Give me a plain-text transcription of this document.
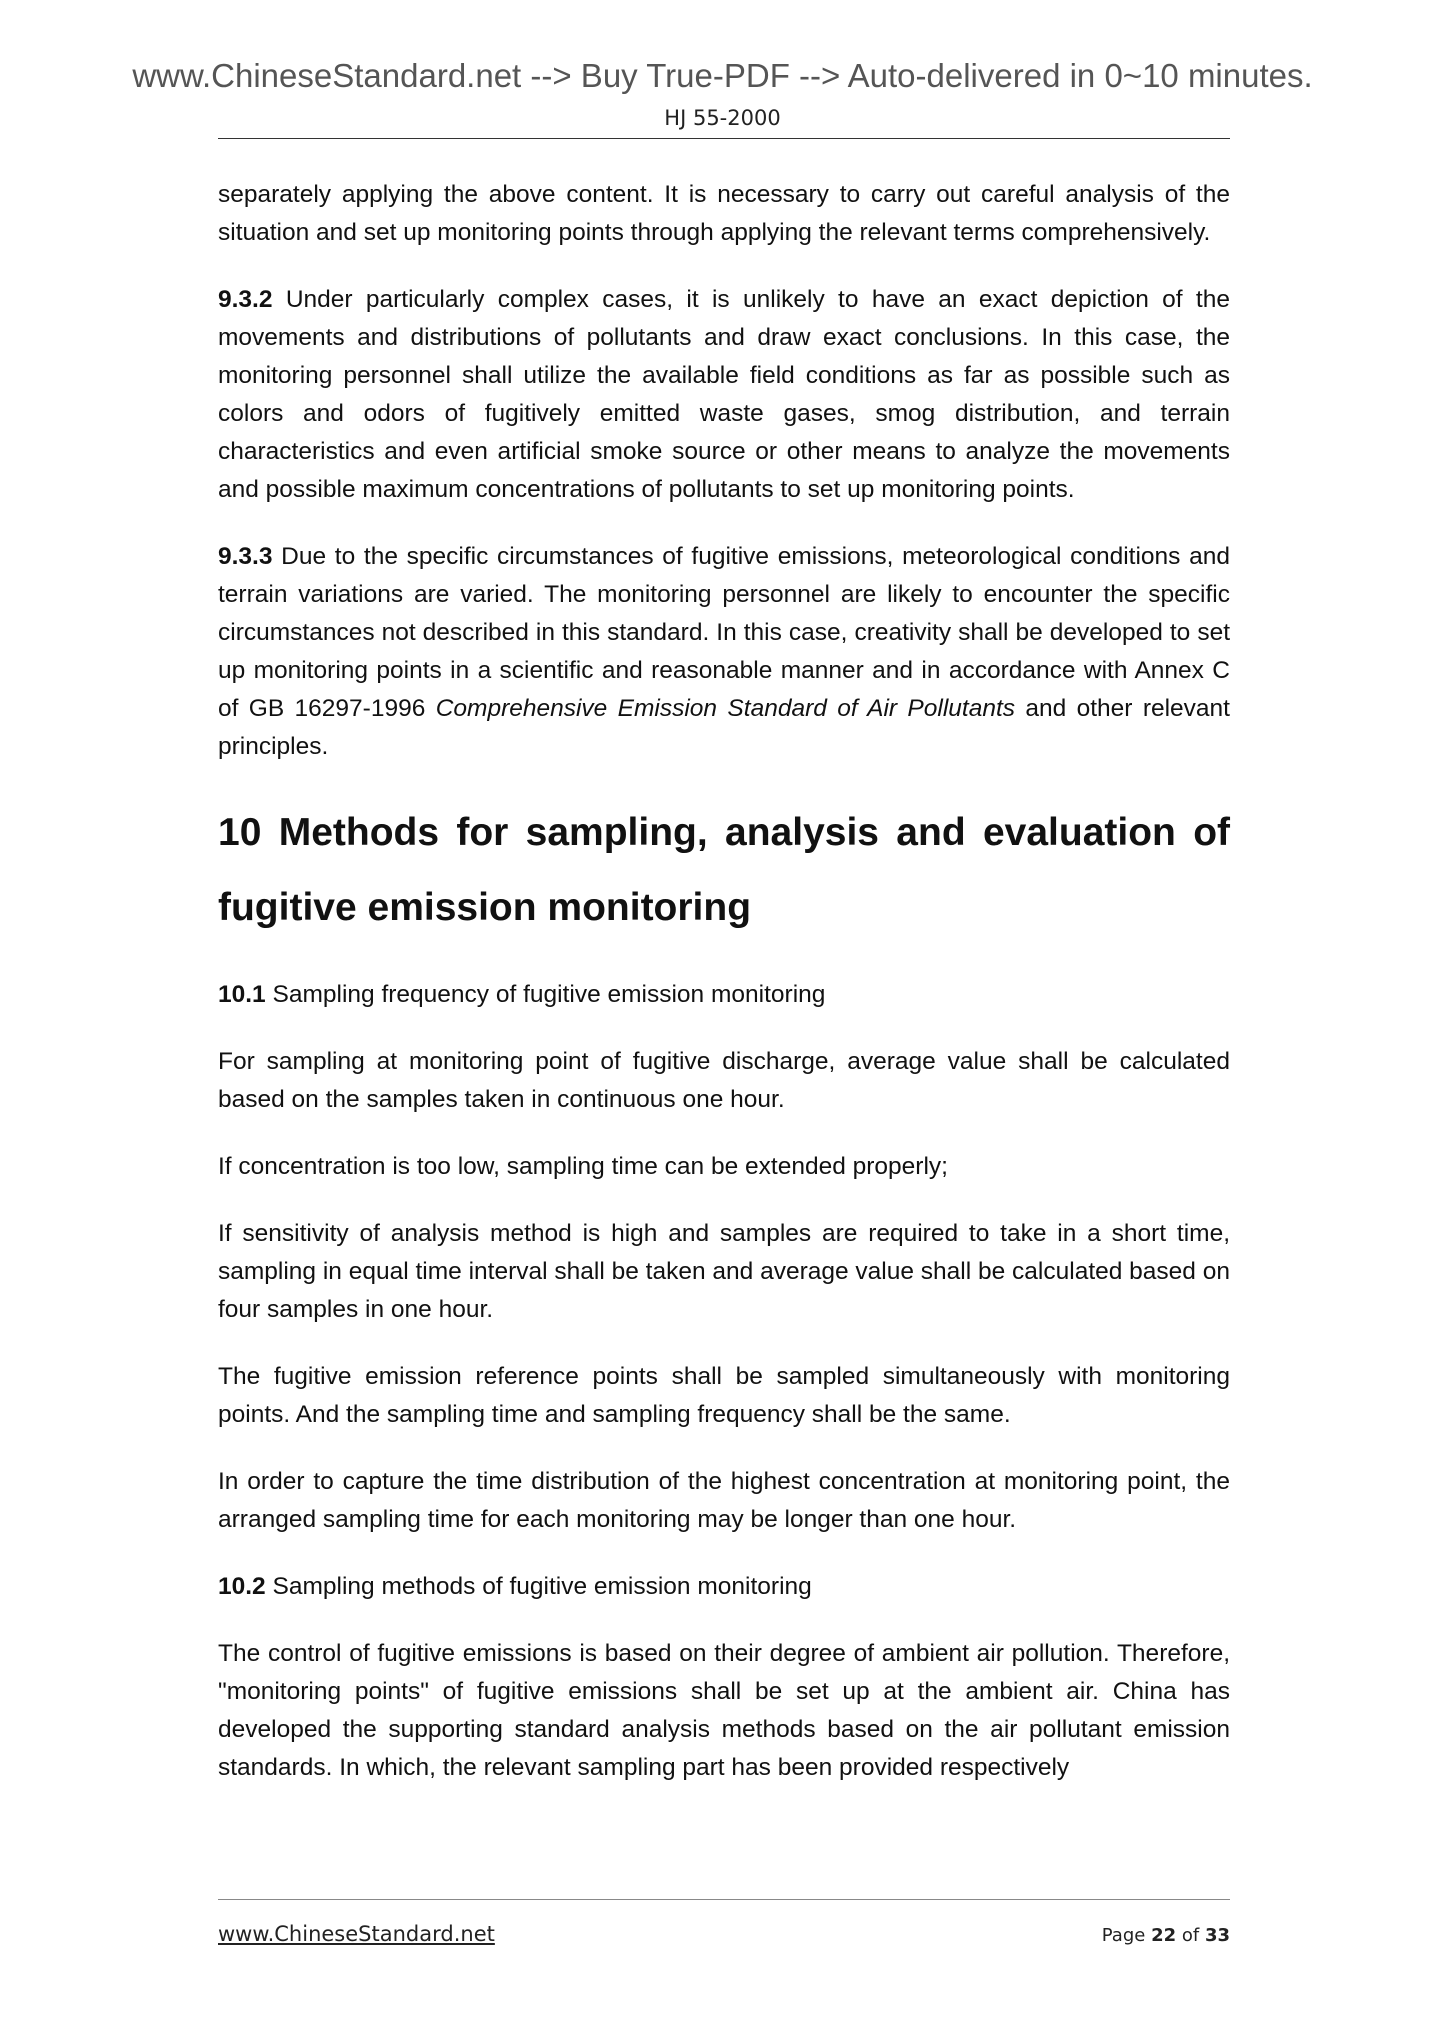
www.ChineseStandard.net --> Buy True-PDF --> Auto-delivered in 0~10 minutes.
HJ 55-2000

separately applying the above content. It is necessary to carry out careful analysis of the situation and set up monitoring points through applying the relevant terms comprehensively.

9.3.2 Under particularly complex cases, it is unlikely to have an exact depiction of the movements and distributions of pollutants and draw exact conclusions. In this case, the monitoring personnel shall utilize the available field conditions as far as possible such as colors and odors of fugitively emitted waste gases, smog distribution, and terrain characteristics and even artificial smoke source or other means to analyze the movements and possible maximum concentrations of pollutants to set up monitoring points.

9.3.3 Due to the specific circumstances of fugitive emissions, meteorological conditions and terrain variations are varied. The monitoring personnel are likely to encounter the specific circumstances not described in this standard. In this case, creativity shall be developed to set up monitoring points in a scientific and reasonable manner and in accordance with Annex C of GB 16297-1996 Comprehensive Emission Standard of Air Pollutants and other relevant principles.

10 Methods for sampling, analysis and evaluation of fugitive emission monitoring

10.1 Sampling frequency of fugitive emission monitoring

For sampling at monitoring point of fugitive discharge, average value shall be calculated based on the samples taken in continuous one hour.

If concentration is too low, sampling time can be extended properly;

If sensitivity of analysis method is high and samples are required to take in a short time, sampling in equal time interval shall be taken and average value shall be calculated based on four samples in one hour.

The fugitive emission reference points shall be sampled simultaneously with monitoring points. And the sampling time and sampling frequency shall be the same.

In order to capture the time distribution of the highest concentration at monitoring point, the arranged sampling time for each monitoring may be longer than one hour.

10.2 Sampling methods of fugitive emission monitoring

The control of fugitive emissions is based on their degree of ambient air pollution. Therefore, "monitoring points" of fugitive emissions shall be set up at the ambient air. China has developed the supporting standard analysis methods based on the air pollutant emission standards. In which, the relevant sampling part has been provided respectively

www.ChineseStandard.net	Page 22 of 33
